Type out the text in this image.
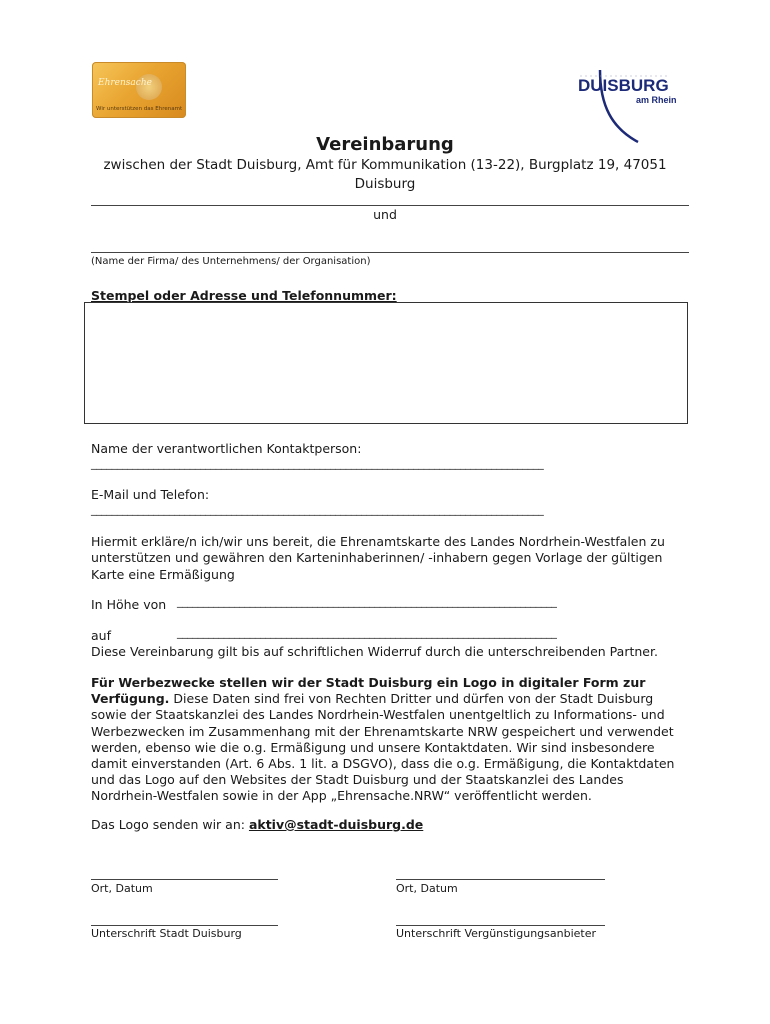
Ehrensache
Wir unterstützen das Ehrenamt
DUISBURG
am Rhein
Vereinbarung
zwischen der Stadt Duisburg, Amt für Kommunikation (13-22), Burgplatz 19, 47051 Duisburg
und
(Name der Firma/ des Unternehmens/ der Organisation)
Stempel oder Adresse und Telefonnummer:
Name der verantwortlichen Kontaktperson:
_______________________________________________________________________________________
E-Mail und Telefon:
_______________________________________________________________________________________
Hiermit erkläre/n ich/wir uns bereit, die Ehrenamtskarte des Landes Nordrhein-Westfalen zu
unterstützen und gewähren den Karteninhaberinnen/ -inhabern gegen Vorlage der gültigen
Karte eine Ermäßigung
In Höhe von _________________________________________________________________________
auf	_________________________________________________________________________
Diese Vereinbarung gilt bis auf schriftlichen Widerruf durch die unterschreibenden Partner.
Für Werbezwecke stellen wir der Stadt Duisburg ein Logo in digitaler Form zur Verfügung. Diese Daten sind frei von Rechten Dritter und dürfen von der Stadt Duisburg sowie der Staatskanzlei des Landes Nordrhein-Westfalen unentgeltlich zu Informations- und Werbezwecken im Zusammenhang mit der Ehrenamtskarte NRW gespeichert und verwendet werden, ebenso wie die o.g. Ermäßigung und unsere Kontaktdaten. Wir sind insbesondere damit einverstanden (Art. 6 Abs. 1 lit. a DSGVO), dass die o.g. Ermäßigung, die Kontaktdaten und das Logo auf den Websites der Stadt Duisburg und der Staatskanzlei des Landes Nordrhein-Westfalen sowie in der App „Ehrensache.NRW“ veröffentlicht werden.
Das Logo senden wir an: aktiv@stadt-duisburg.de
Ort, Datum	Ort, Datum
Unterschrift Stadt Duisburg	Unterschrift Vergünstigungsanbieter
